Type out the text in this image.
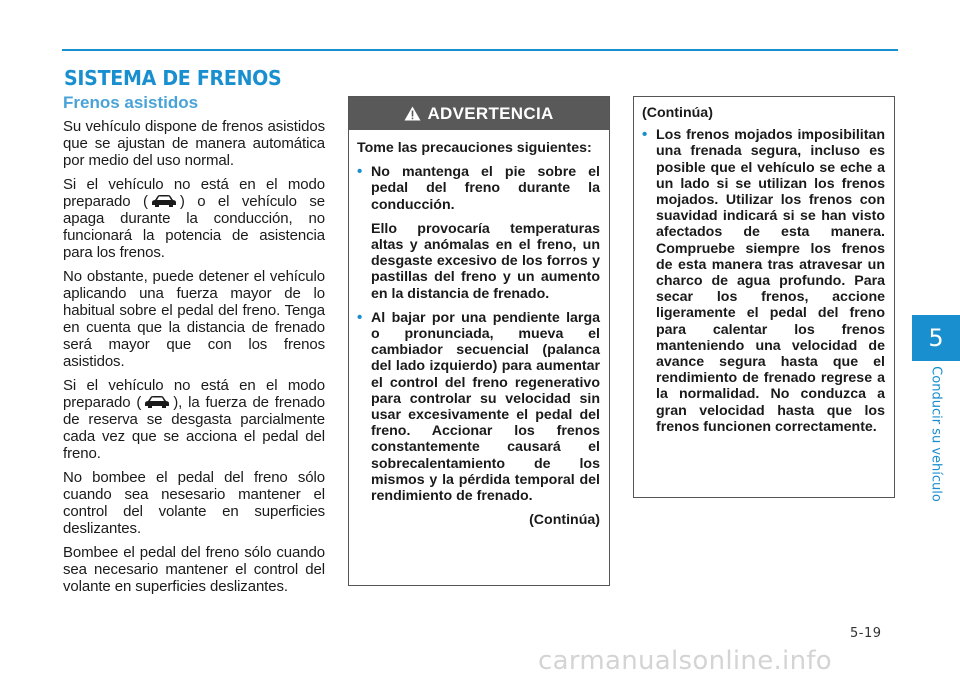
SISTEMA DE FRENOS
Frenos asistidos

Su vehículo dispone de frenos asistidos que se ajustan de manera automática por medio del uso normal.

Si el vehículo no está en el modo preparado ( ) o el vehículo se apaga durante la conducción, no funcionará la potencia de asistencia para los frenos.

No obstante, puede detener el vehículo aplicando una fuerza mayor de lo habitual sobre el pedal del freno. Tenga en cuenta que la distancia de frenado será mayor que con los frenos asistidos.

Si el vehículo no está en el modo preparado ( ), la fuerza de frenado de reserva se desgasta parcialmente cada vez que se acciona el pedal del freno.

No bombee el pedal del freno sólo cuando sea nesesario mantener el control del volante en superficies deslizantes.

Bombee el pedal del freno sólo cuando sea necesario mantener el control del volante en superficies deslizantes.

ADVERTENCIA

Tome las precauciones siguientes:

• No mantenga el pie sobre el pedal del freno durante la conducción.

Ello provocaría temperaturas altas y anómalas en el freno, un desgaste excesivo de los forros y pastillas del freno y un aumento en la distancia de frenado.

• Al bajar por una pendiente larga o pronunciada, mueva el cambiador secuencial (palanca del lado izquierdo) para aumentar el control del freno regenerativo para controlar su velocidad sin usar excesivamente el pedal del freno. Accionar los frenos constantemente causará el sobrecalentamiento de los mismos y la pérdida temporal del rendimiento de frenado.

(Continúa)

(Continúa)

• Los frenos mojados imposibilitan una frenada segura, incluso es posible que el vehículo se eche a un lado si se utilizan los frenos mojados. Utilizar los frenos con suavidad indicará si se han visto afectados de esta manera. Compruebe siempre los frenos de esta manera tras atravesar un charco de agua profundo. Para secar los frenos, accione ligeramente el pedal del freno para calentar los frenos manteniendo una velocidad de avance segura hasta que el rendimiento de frenado regrese a la normalidad. No conduzca a gran velocidad hasta que los frenos funcionen correctamente.
5
Conducir su vehículo
5-19
carmanualsonline.info
